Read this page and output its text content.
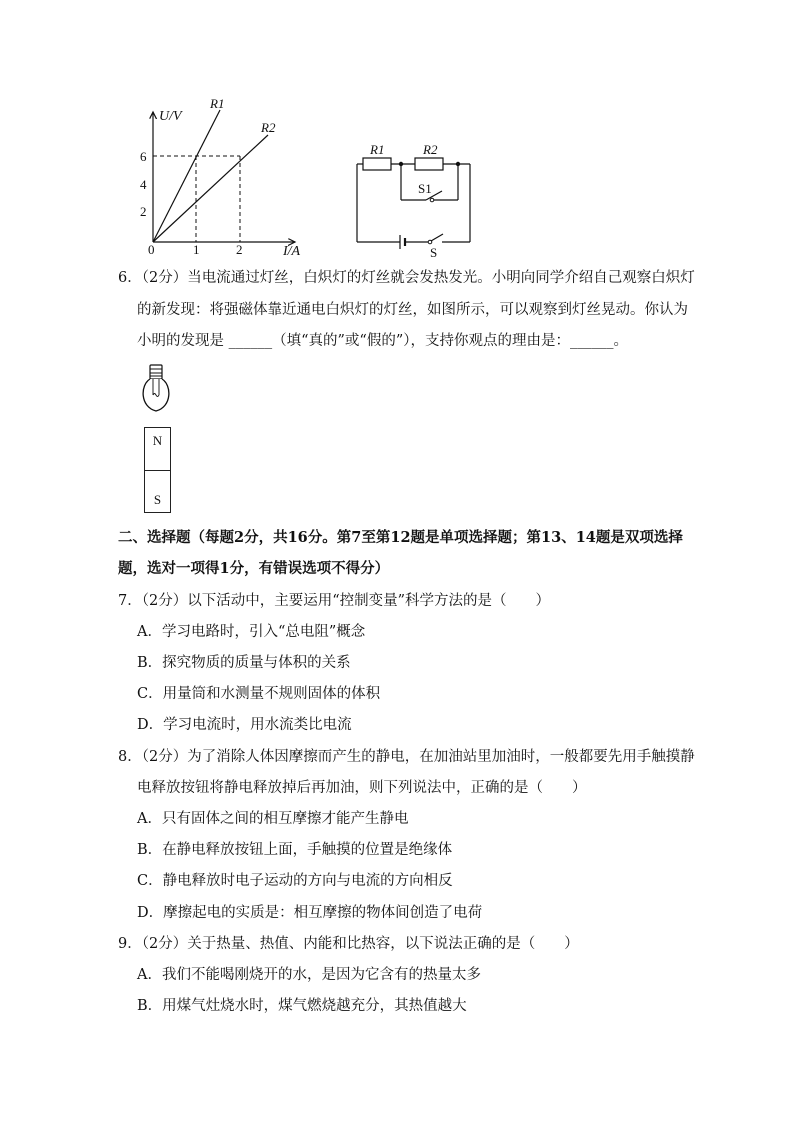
U/V
I/A
0
6
4
2
1	2
R1
R2
R1	R2
S1
S
6．（2分）当电流通过灯丝，白炽灯的灯丝就会发热发光。小明向同学介绍自己观察白炽灯
的新发现：将强磁体靠近通电白炽灯的灯丝，如图所示，可以观察到灯丝晃动。你认为
小明的发现是 ______（填“真的”或“假的”），支持你观点的理由是：______。
N
S
二、选择题（每题2分，共16分。第7至第12题是单项选择题；第13、14题是双项选择
题，选对一项得1分，有错误选项不得分）
7．（2分）以下活动中，主要运用“控制变量”科学方法的是（　　）
A．学习电路时，引入“总电阻”概念
B．探究物质的质量与体积的关系
C．用量筒和水测量不规则固体的体积
D．学习电流时，用水流类比电流
8．（2分）为了消除人体因摩擦而产生的静电，在加油站里加油时，一般都要先用手触摸静
电释放按钮将静电释放掉后再加油，则下列说法中，正确的是（　　）
A．只有固体之间的相互摩擦才能产生静电
B．在静电释放按钮上面，手触摸的位置是绝缘体
C．静电释放时电子运动的方向与电流的方向相反
D．摩擦起电的实质是：相互摩擦的物体间创造了电荷
9．（2分）关于热量、热值、内能和比热容，以下说法正确的是（　　）
A．我们不能喝刚烧开的水，是因为它含有的热量太多
B．用煤气灶烧水时，煤气燃烧越充分，其热值越大
